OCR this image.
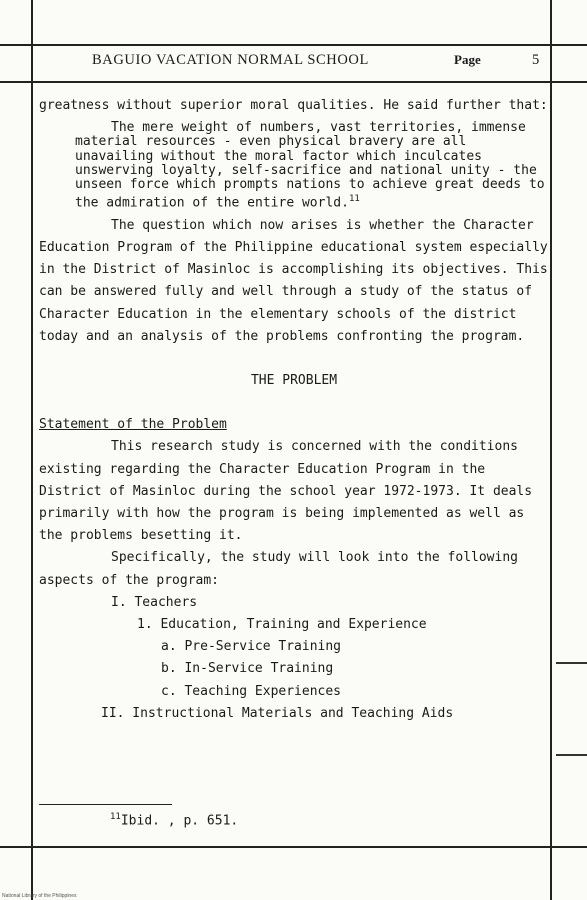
BAGUIO VACATION NORMAL SCHOOL	Page	5

greatness without superior moral qualities. He said further that:

The mere weight of numbers, vast territories, immense material resources - even physical bravery are all unavailing without the moral factor which inculcates unswerving loyalty, self-sacrifice and national unity - the unseen force which prompts nations to achieve great deeds to the admiration of the entire world.$^{11}$

The question which now arises is whether the Character Education Program of the Philippine educational system especially in the District of Masinloc is accomplishing its objectives. This can be answered fully and well through a study of the status of Character Education in the elementary schools of the district today and an analysis of the problems confronting the program.

THE PROBLEM

Statement of the Problem

This research study is concerned with the conditions existing regarding the Character Education Program in the District of Masinloc during the school year 1972-1973. It deals primarily with how the program is being implemented as well as the problems besetting it.

Specifically, the study will look into the following aspects of the program:

I. Teachers
1. Education, Training and Experience
a. Pre-Service Training
b. In-Service Training
c. Teaching Experiences
II. Instructional Materials and Teaching Aids
$^{11}$Ibid. , p. 651.
National Library of the Philippines
